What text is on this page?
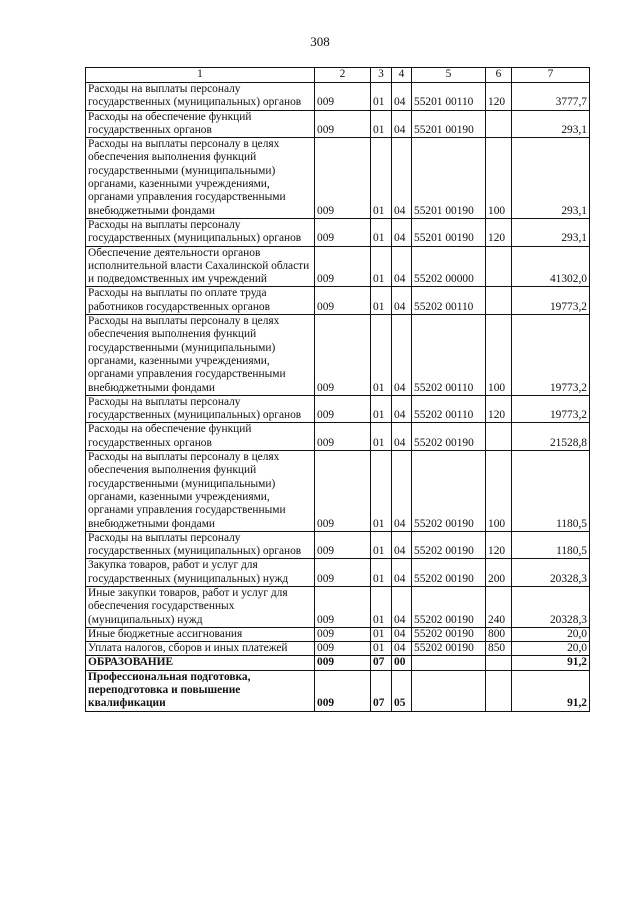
308
1	2	3	4	5	6	7
Расходы на выплаты персоналу государственных (муниципальных) органов	009	01	04	55201 00110	120	3777,7
Расходы на обеспечение функций государственных органов	009	01	04	55201 00190		293,1
Расходы на выплаты персоналу в целях обеспечения выполнения функций государственными (муниципальными) органами, казенными учреждениями, органами управления государственными внебюджетными фондами	009	01	04	55201 00190	100	293,1
Расходы на выплаты персоналу государственных (муниципальных) органов	009	01	04	55201 00190	120	293,1
Обеспечение деятельности органов исполнительной власти Сахалинской области и подведомственных им учреждений	009	01	04	55202 00000		41302,0
Расходы на выплаты по оплате труда работников государственных органов	009	01	04	55202 00110		19773,2
Расходы на выплаты персоналу в целях обеспечения выполнения функций государственными (муниципальными) органами, казенными учреждениями, органами управления государственными внебюджетными фондами	009	01	04	55202 00110	100	19773,2
Расходы на выплаты персоналу государственных (муниципальных) органов	009	01	04	55202 00110	120	19773,2
Расходы на обеспечение функций государственных органов	009	01	04	55202 00190		21528,8
Расходы на выплаты персоналу в целях обеспечения выполнения функций государственными (муниципальными) органами, казенными учреждениями, органами управления государственными внебюджетными фондами	009	01	04	55202 00190	100	1180,5
Расходы на выплаты персоналу государственных (муниципальных) органов	009	01	04	55202 00190	120	1180,5
Закупка товаров, работ и услуг для государственных (муниципальных) нужд	009	01	04	55202 00190	200	20328,3
Иные закупки товаров, работ и услуг для обеспечения государственных (муниципальных) нужд	009	01	04	55202 00190	240	20328,3
Иные бюджетные ассигнования	009	01	04	55202 00190	800	20,0
Уплата налогов, сборов и иных платежей	009	01	04	55202 00190	850	20,0
ОБРАЗОВАНИЕ	009	07	00			91,2
Профессиональная подготовка, переподготовка и повышение квалификации	009	07	05			91,2
